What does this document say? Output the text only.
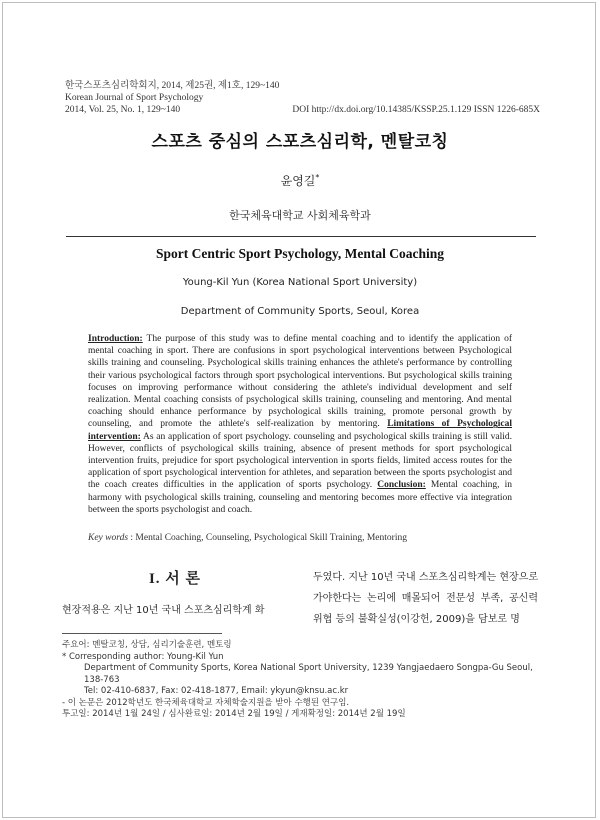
한국스포츠심리학회지, 2014, 제25권, 제1호, 129~140
Korean Journal of Sport Psychology
2014, Vol. 25, No. 1, 129~140	DOI http://dx.doi.org/10.14385/KSSP.25.1.129 ISSN 1226-685X
스포츠 중심의 스포츠심리학, 멘탈코칭
윤영길*
한국체육대학교 사회체육학과
Sport Centric Sport Psychology, Mental Coaching
Young-Kil Yun (Korea National Sport University)
Department of Community Sports, Seoul, Korea
Introduction: The purpose of this study was to define mental coaching and to identify the application of mental coaching in sport. There are confusions in sport psychological interventions between Psychological skills training and counseling. Psychological skills training enhances the athlete's performance by controlling their various psychological factors through sport psychological interventions. But psychological skills training focuses on improving performance without considering the athlete's individual development and self realization. Mental coaching consists of psychological skills training, counseling and mentoring. And mental coaching should enhance performance by psychological skills training, promote personal growth by counseling, and promote the athlete's self-realization by mentoring. Limitations of Psychological intervention: As an application of sport psychology. counseling and psychological skills training is still valid. However, conflicts of psychological skills training, absence of present methods for sport psychological intervention fruits, prejudice for sport psychological intervention in sports fields, limited access routes for the application of sport psychological intervention for athletes, and separation between the sports psychologist and the coach creates difficulties in the application of sports psychology. Conclusion: Mental coaching, in harmony with psychological skills training, counseling and mentoring becomes more effective via integration between the sports psychologist and coach.
Key words : Mental Coaching, Counseling, Psychological Skill Training, Mentoring
I. 서 론
현장적용은 지난 10년 국내 스포츠심리학계 화
두였다. 지난 10년 국내 스포츠심리학계는 현장으로 가야한다는 논리에 매몰되어 전문성 부족, 공신력 위협 등의 불확실성(이강헌, 2009)을 담보로 명
주요어: 멘탈코칭, 상담, 심리기술훈련, 멘토링
* Corresponding author: Young-Kil Yun
Department of Community Sports, Korea National Sport University, 1239 Yangjaedaero Songpa-Gu Seoul, 138-763
Tel: 02-410-6837, Fax: 02-418-1877, Email: ykyun@knsu.ac.kr
- 이 논문은 2012학년도 한국체육대학교 자체학술지원을 받아 수행된 연구임.
투고일: 2014년 1월 24일 / 심사완료일: 2014년 2월 19일 / 게재확정일: 2014년 2월 19일
